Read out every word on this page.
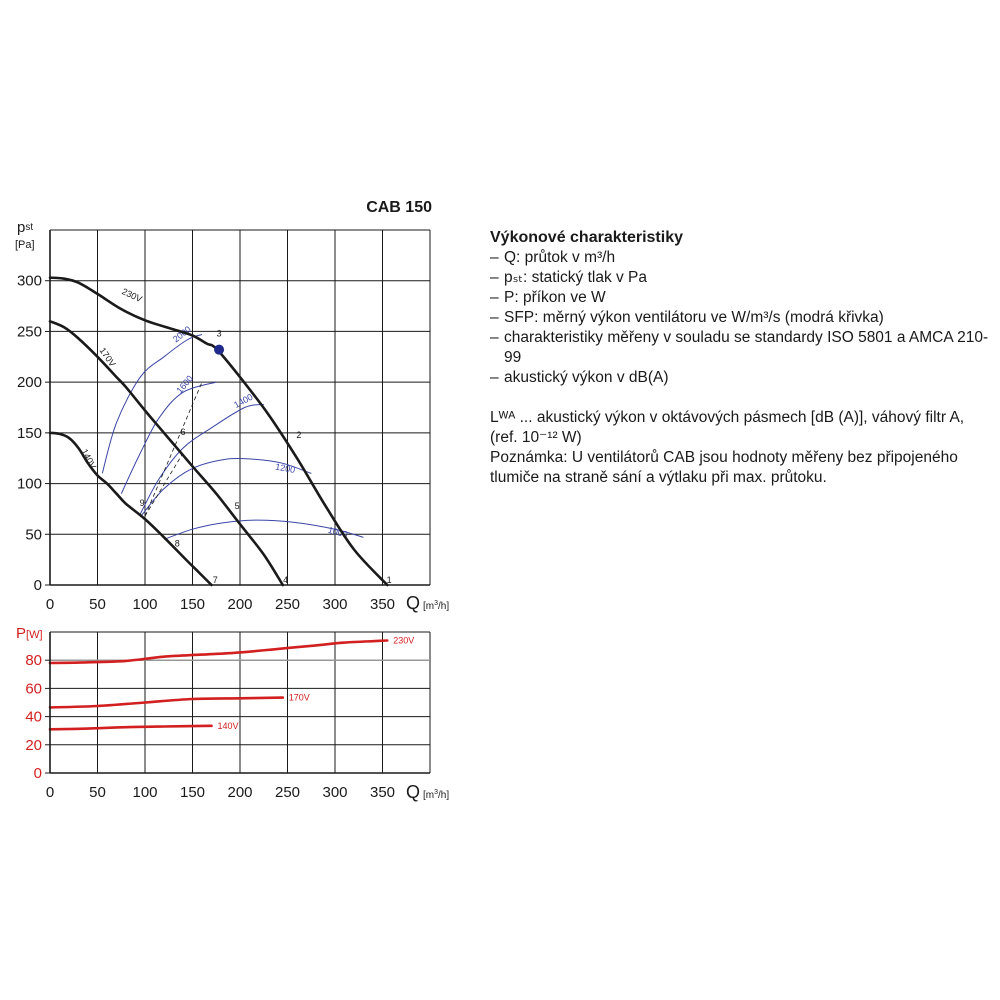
CAB 150
2000
1600
1400
1200
1000
230V
170V
140V
1
2
3
4
5
6
7
8
9
0 50 100 150 200 250 300 350
0
50
100
150
200
250
300
pst
[Pa]
Q [$m^3_{/h]}$
230V
170V
140V
0 50 100 150 200 250 300 350
0
20
40
60
80
P[W]
Q [$m^3_{/h]}$
Výkonové charakteristiky
– Q: průtok v m³/h
– pₛₜ: statický tlak v Pa
– P: příkon ve W
– SFP: měrný výkon ventilátoru ve W/m³/s (modrá křivka)
– charakteristiky měřeny v souladu se standardy ISO 5801 a AMCA 210-99
– akustický výkon v dB(A)
Lᵂᴬ ... akustický výkon v oktávových pásmech [dB (A)], váhový filtr A, (ref. 10⁻¹² W)
Poznámka: U ventilátorů CAB jsou hodnoty měřeny bez připojeného tlumiče na straně sání a výtlaku při max. průtoku.
